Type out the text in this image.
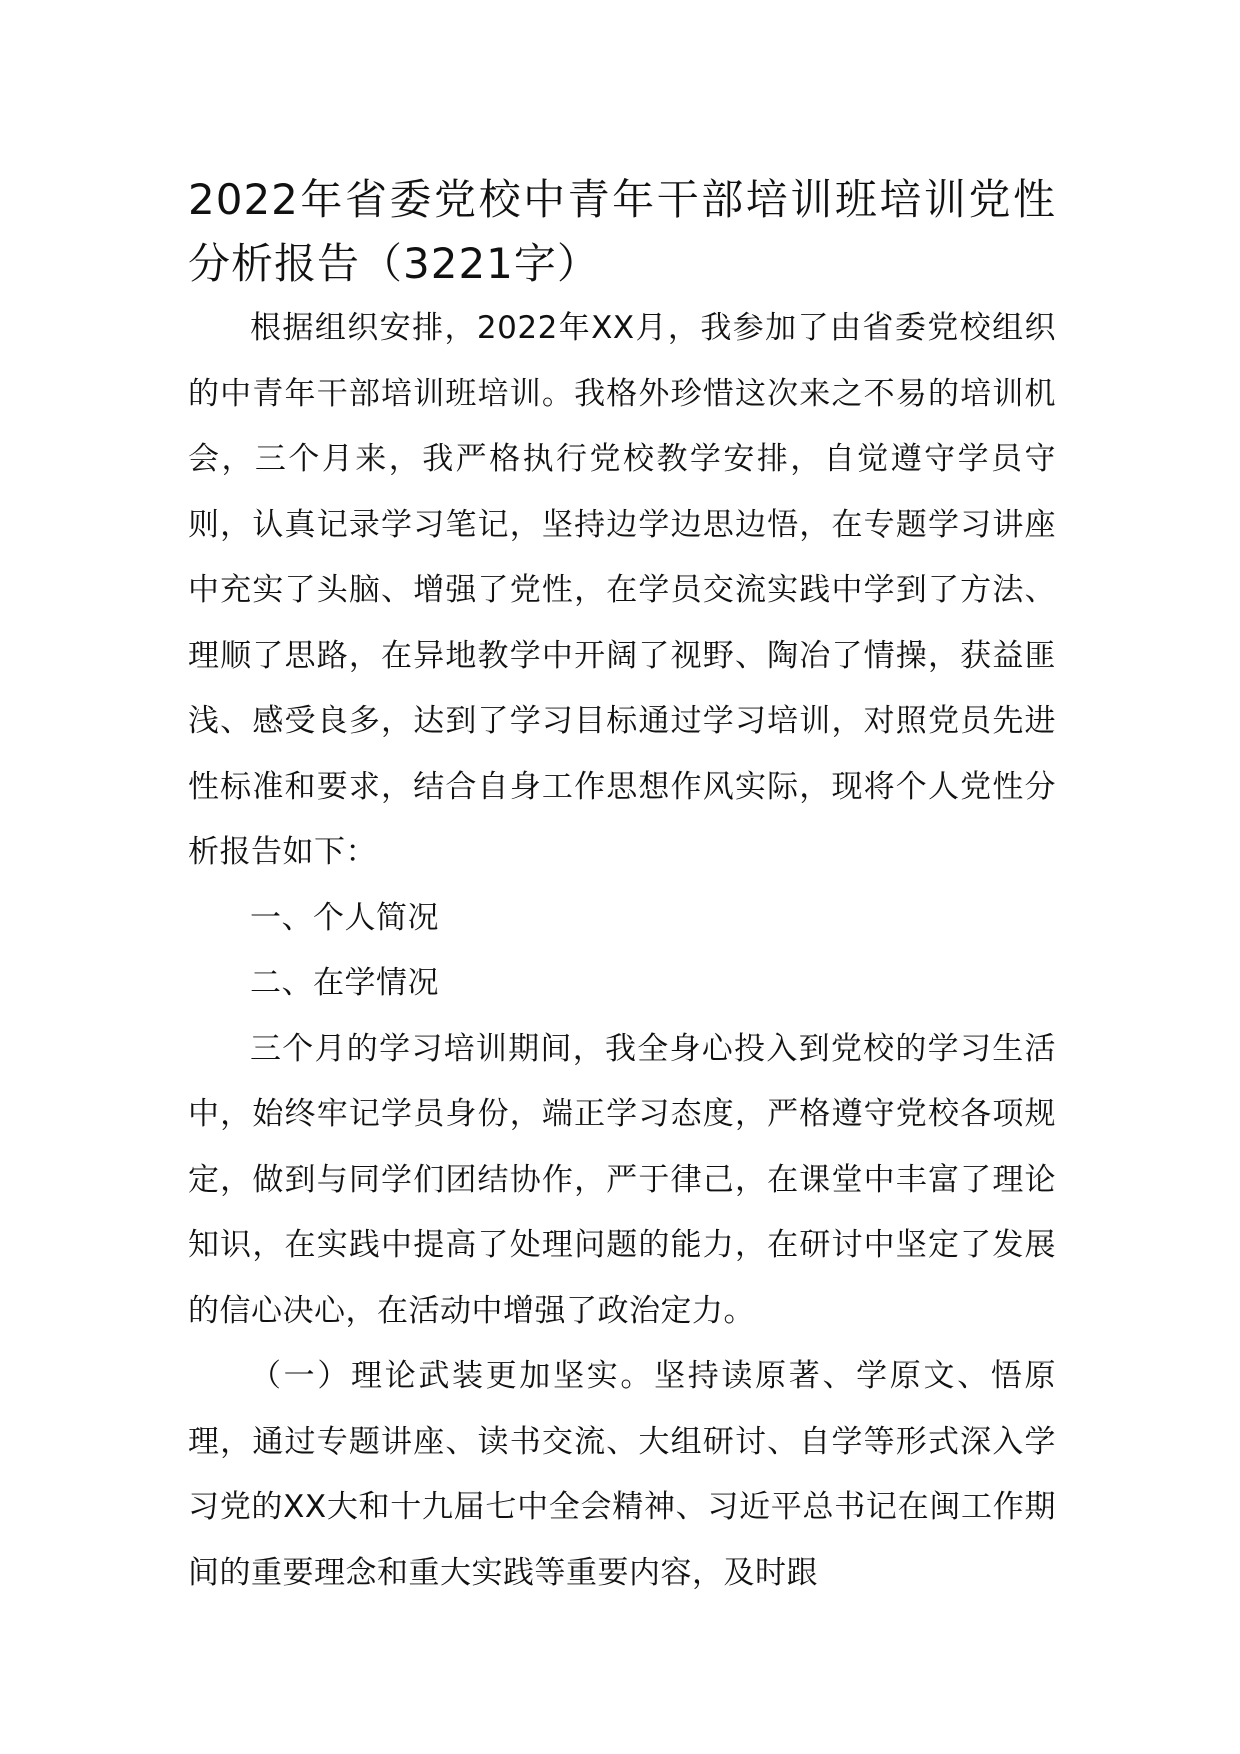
2022年省委党校中青年干部培训班培训党性分析报告（3221字）

根据组织安排，2022年XX月，我参加了由省委党校组织的中青年干部培训班培训。我格外珍惜这次来之不易的培训机会，三个月来，我严格执行党校教学安排，自觉遵守学员守则，认真记录学习笔记，坚持边学边思边悟，在专题学习讲座中充实了头脑、增强了党性，在学员交流实践中学到了方法、理顺了思路，在异地教学中开阔了视野、陶冶了情操，获益匪浅、感受良多，达到了学习目标通过学习培训，对照党员先进性标准和要求，结合自身工作思想作风实际，现将个人党性分析报告如下：

一、个人简况

二、在学情况

三个月的学习培训期间，我全身心投入到党校的学习生活中，始终牢记学员身份，端正学习态度，严格遵守党校各项规定，做到与同学们团结协作，严于律己，在课堂中丰富了理论知识，在实践中提高了处理问题的能力，在研讨中坚定了发展的信心决心，在活动中增强了政治定力。

（一）理论武装更加坚实。坚持读原著、学原文、悟原理，通过专题讲座、读书交流、大组研讨、自学等形式深入学习党的XX大和十九届七中全会精神、习近平总书记在闽工作期间的重要理念和重大实践等重要内容，及时跟
